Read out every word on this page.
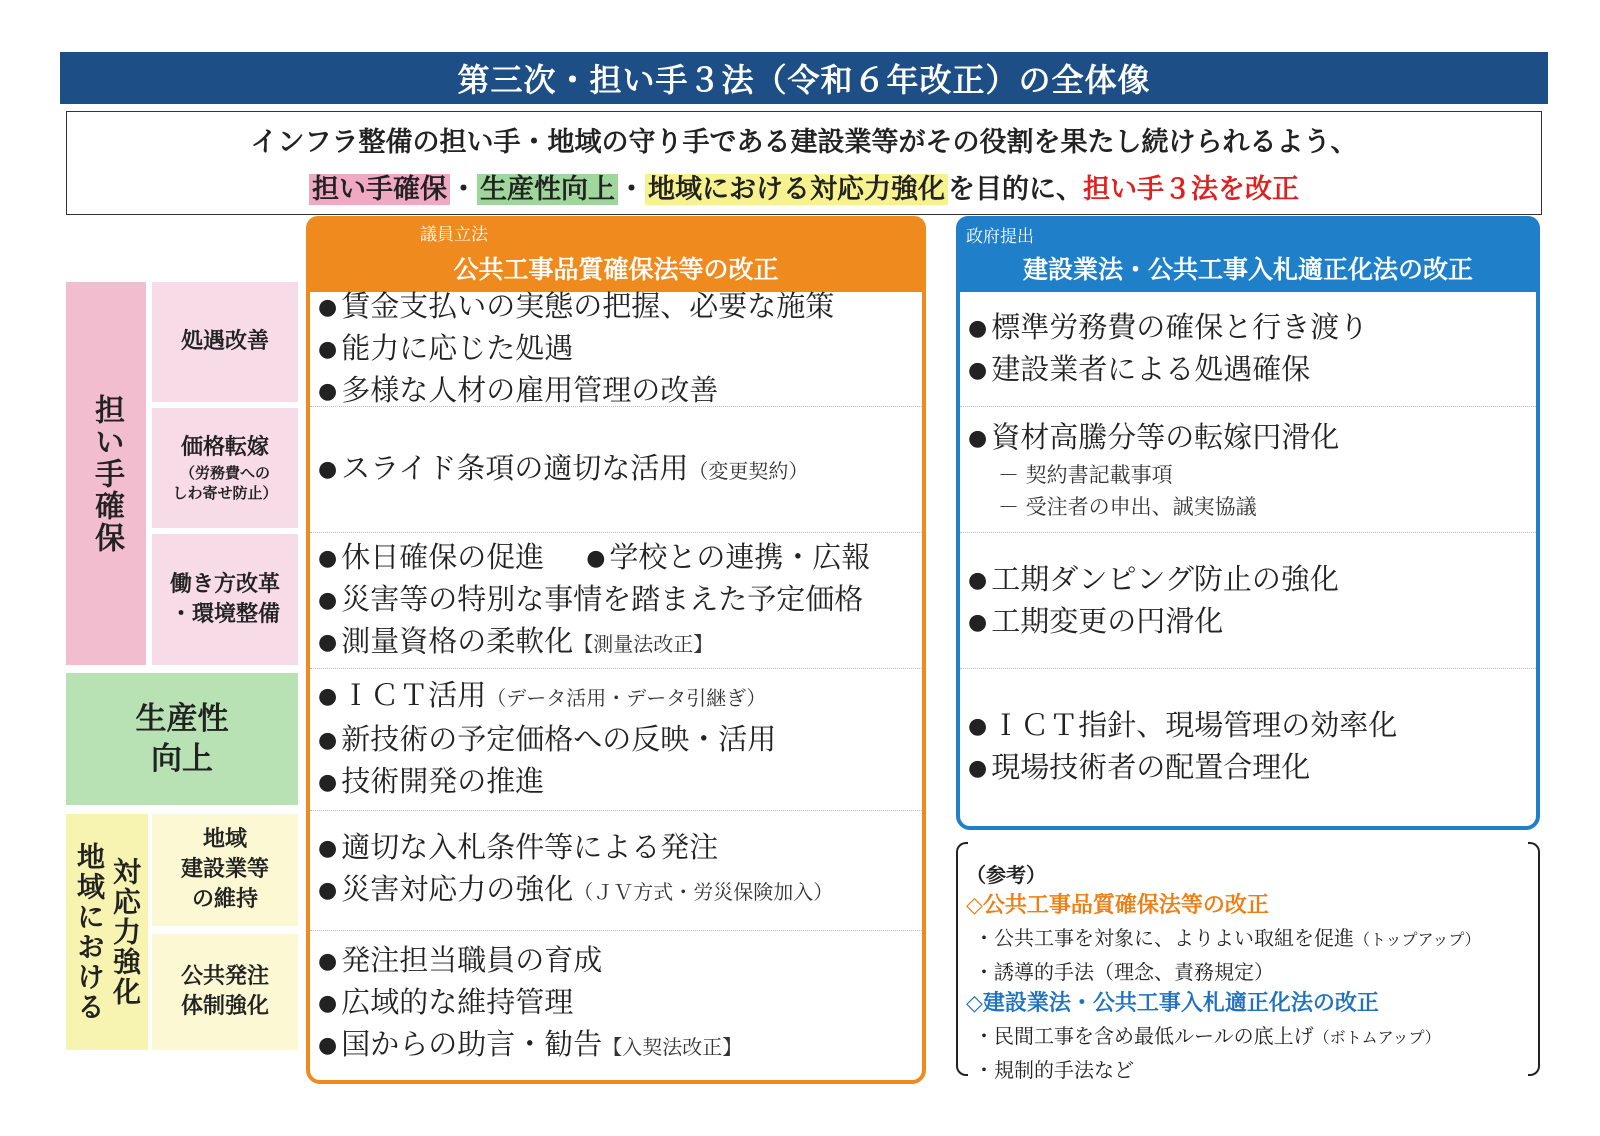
第三次・担い手３法（令和６年改正）の全体像
インフラ整備の担い手・地域の守り手である建設業等がその役割を果たし続けられるよう、
担い手確保 ・ 生産性向上 ・ 地域における対応力強化 を目的に、担い手３法を改正
担い手確保
処遇改善
価格転嫁
（労務費への
しわ寄せ防止）
働き方改革
・環境整備
生産性
向上
地域における 対応力強化
地域
建設業等
の維持
公共発注
体制強化
議員立法
公共工事品質確保法等の改正
● 賃金支払いの実態の把握、必要な施策
● 能力に応じた処遇
● 多様な人材の雇用管理の改善
● スライド条項の適切な活用（変更契約）
● 休日確保の促進 ● 学校との連携・広報
● 災害等の特別な事情を踏まえた予定価格
● 測量資格の柔軟化【測量法改正】
● ＩＣＴ活用（データ活用・データ引継ぎ）
● 新技術の予定価格への反映・活用
● 技術開発の推進
● 適切な入札条件等による発注
● 災害対応力の強化（ＪＶ方式・労災保険加入）
● 発注担当職員の育成
● 広域的な維持管理
● 国からの助言・勧告【入契法改正】
政府提出
建設業法・公共工事入札適正化法の改正
● 標準労務費の確保と行き渡り
● 建設業者による処遇確保
● 資材高騰分等の転嫁円滑化
－ 契約書記載事項
－ 受注者の申出、誠実協議
● 工期ダンピング防止の強化
● 工期変更の円滑化
● ＩＣＴ指針、現場管理の効率化
● 現場技術者の配置合理化
（参考）
◇公共工事品質確保法等の改正
・公共工事を対象に、よりよい取組を促進（トップアップ）
・誘導的手法（理念、責務規定）
◇建設業法・公共工事入札適正化法の改正
・民間工事を含め最低ルールの底上げ（ボトムアップ）
・規制的手法など
